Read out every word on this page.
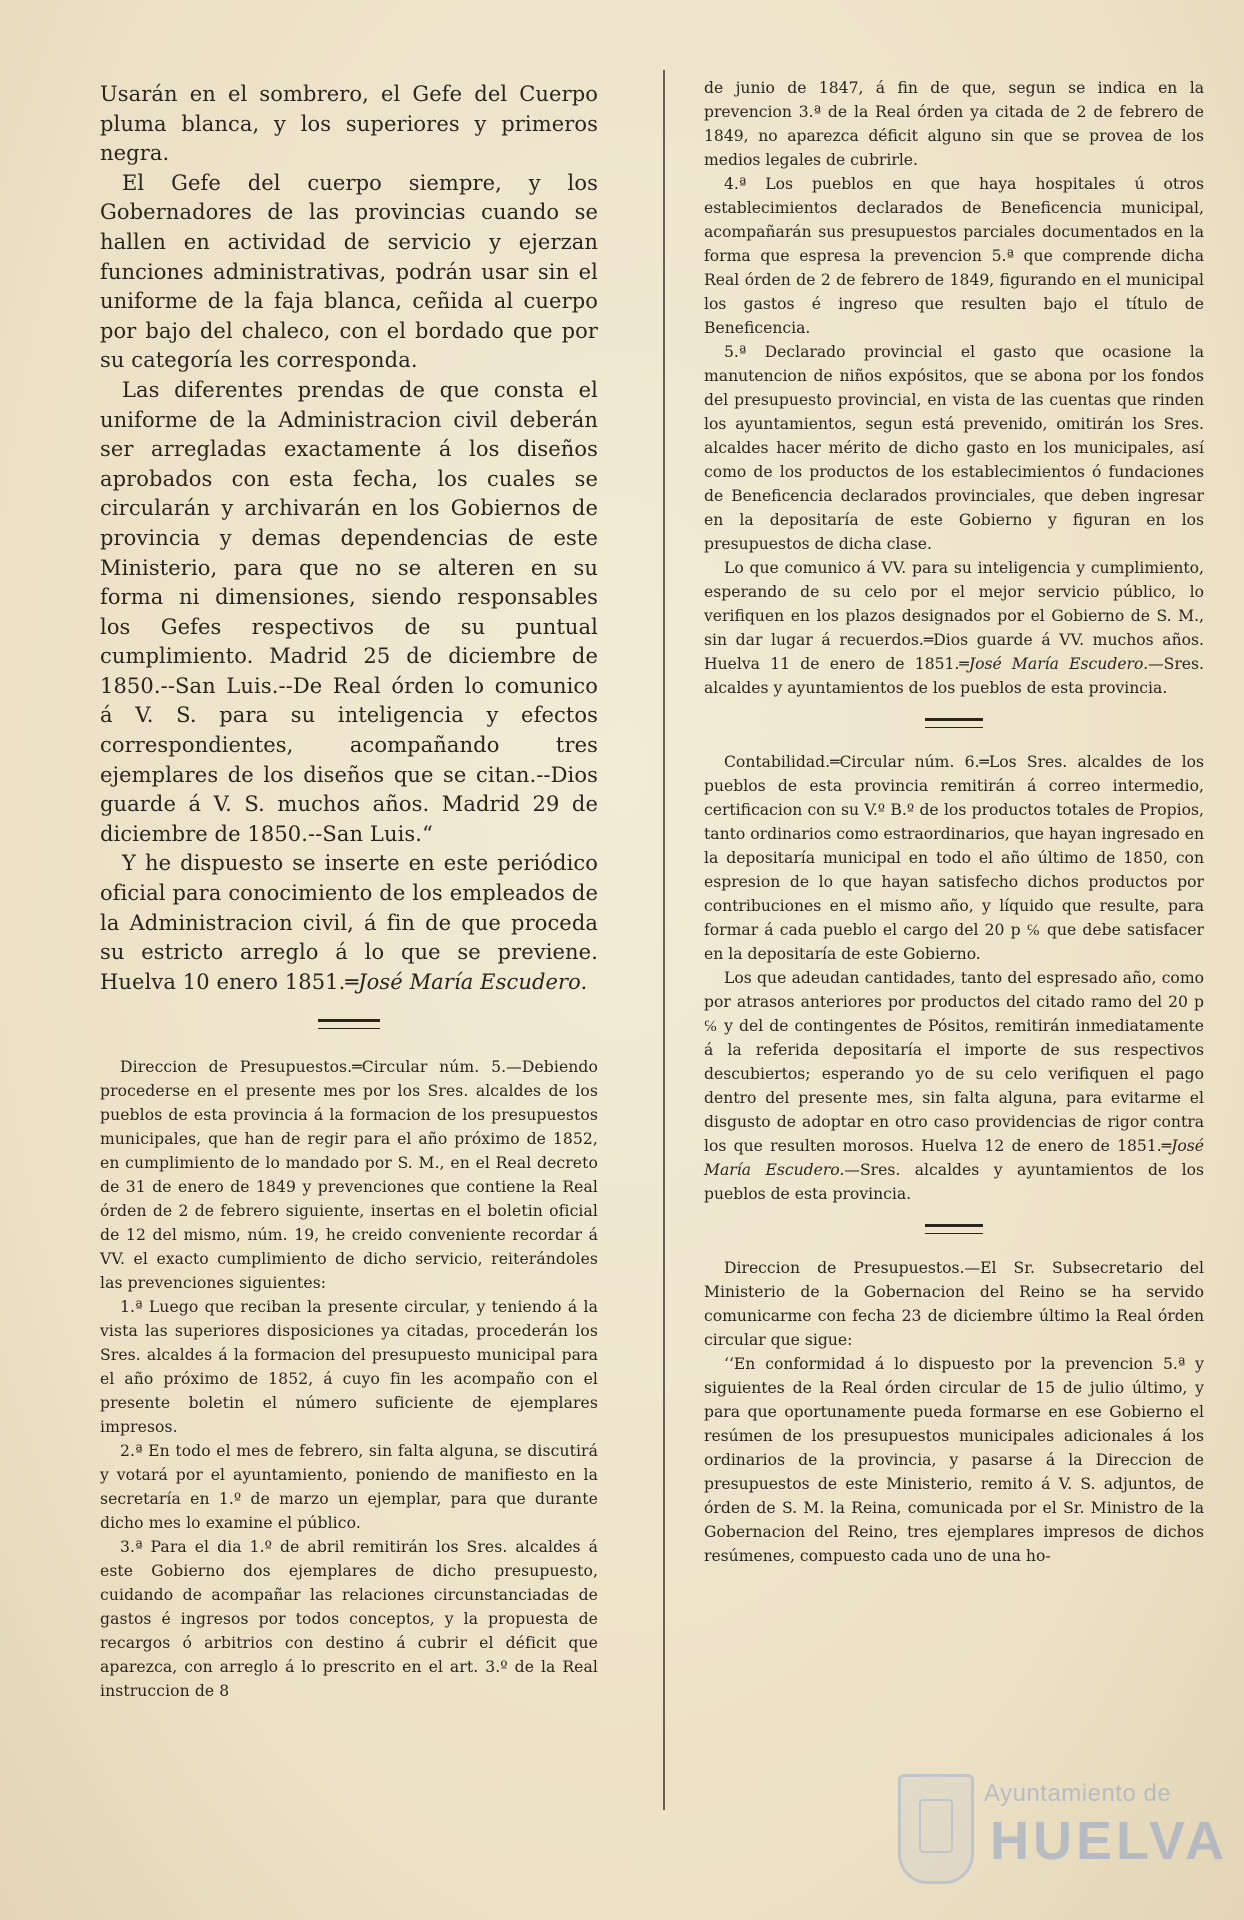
Usarán en el sombrero, el Gefe del Cuerpo pluma blanca, y los superiores y primeros negra.

El Gefe del cuerpo siempre, y los Gobernadores de las provincias cuando se hallen en actividad de servicio y ejerzan funciones administrativas, podrán usar sin el uniforme de la faja blanca, ceñida al cuerpo por bajo del chaleco, con el bordado que por su categoría les corresponda.

Las diferentes prendas de que consta el uniforme de la Administracion civil deberán ser arregladas exactamente á los diseños aprobados con esta fecha, los cuales se circularán y archivarán en los Gobiernos de provincia y demas dependencias de este Ministerio, para que no se alteren en su forma ni dimensiones, siendo responsables los Gefes respectivos de su puntual cumplimiento. Madrid 25 de diciembre de 1850.--San Luis.--De Real órden lo comunico á V. S. para su inteligencia y efectos correspondientes, acompañando tres ejemplares de los diseños que se citan.--Dios guarde á V. S. muchos años. Madrid 29 de diciembre de 1850.--San Luis.“

Y he dispuesto se inserte en este periódico oficial para conocimiento de los empleados de la Administracion civil, á fin de que proceda su estricto arreglo á lo que se previene. Huelva 10 enero 1851.═José María Escudero.

Direccion de Presupuestos.═Circular núm. 5.—Debiendo procederse en el presente mes por los Sres. alcaldes de los pueblos de esta provincia á la formacion de los presupuestos municipales, que han de regir para el año próximo de 1852, en cumplimiento de lo mandado por S. M., en el Real decreto de 31 de enero de 1849 y prevenciones que contiene la Real órden de 2 de febrero siguiente, insertas en el boletin oficial de 12 del mismo, núm. 19, he creido conveniente recordar á VV. el exacto cumplimiento de dicho servicio, reiterándoles las prevenciones siguientes:

1.ª Luego que reciban la presente circular, y teniendo á la vista las superiores disposiciones ya citadas, procederán los Sres. alcaldes á la formacion del presupuesto municipal para el año próximo de 1852, á cuyo fin les acompaño con el presente boletin el número suficiente de ejemplares impresos.

2.ª En todo el mes de febrero, sin falta alguna, se discutirá y votará por el ayuntamiento, poniendo de manifiesto en la secretaría en 1.º de marzo un ejemplar, para que durante dicho mes lo examine el público.

3.ª Para el dia 1.º de abril remitirán los Sres. alcaldes á este Gobierno dos ejemplares de dicho presupuesto, cuidando de acompañar las relaciones circunstanciadas de gastos é ingresos por todos conceptos, y la propuesta de recargos ó arbitrios con destino á cubrir el déficit que aparezca, con arreglo á lo prescrito en el art. 3.º de la Real instruccion de 8

de junio de 1847, á fin de que, segun se indica en la prevencion 3.ª de la Real órden ya citada de 2 de febrero de 1849, no aparezca déficit alguno sin que se provea de los medios legales de cubrirle.

4.ª Los pueblos en que haya hospitales ú otros establecimientos declarados de Beneficencia municipal, acompañarán sus presupuestos parciales documentados en la forma que espresa la prevencion 5.ª que comprende dicha Real órden de 2 de febrero de 1849, figurando en el municipal los gastos é ingreso que resulten bajo el título de Beneficencia.

5.ª Declarado provincial el gasto que ocasione la manutencion de niños expósitos, que se abona por los fondos del presupuesto provincial, en vista de las cuentas que rinden los ayuntamientos, segun está prevenido, omitirán los Sres. alcaldes hacer mérito de dicho gasto en los municipales, así como de los productos de los establecimientos ó fundaciones de Beneficencia declarados provinciales, que deben ingresar en la depositaría de este Gobierno y figuran en los presupuestos de dicha clase.

Lo que comunico á VV. para su inteligencia y cumplimiento, esperando de su celo por el mejor servicio público, lo verifiquen en los plazos designados por el Gobierno de S. M., sin dar lugar á recuerdos.═Dios guarde á VV. muchos años. Huelva 11 de enero de 1851.═José María Escudero.—Sres. alcaldes y ayuntamientos de los pueblos de esta provincia.

Contabilidad.═Circular núm. 6.═Los Sres. alcaldes de los pueblos de esta provincia remitirán á correo intermedio, certificacion con su V.º B.º de los productos totales de Propios, tanto ordinarios como estraordinarios, que hayan ingresado en la depositaría municipal en todo el año último de 1850, con espresion de lo que hayan satisfecho dichos productos por contribuciones en el mismo año, y líquido que resulte, para formar á cada pueblo el cargo del 20 p ℅ que debe satisfacer en la depositaría de este Gobierno.

Los que adeudan cantidades, tanto del espresado año, como por atrasos anteriores por productos del citado ramo del 20 p ℅ y del de contingentes de Pósitos, remitirán inmediatamente á la referida depositaría el importe de sus respectivos descubiertos; esperando yo de su celo verifiquen el pago dentro del presente mes, sin falta alguna, para evitarme el disgusto de adoptar en otro caso providencias de rigor contra los que resulten morosos. Huelva 12 de enero de 1851.═José María Escudero.—Sres. alcaldes y ayuntamientos de los pueblos de esta provincia.

Direccion de Presupuestos.—El Sr. Subsecretario del Ministerio de la Gobernacion del Reino se ha servido comunicarme con fecha 23 de diciembre último la Real órden circular que sigue:

‘‘En conformidad á lo dispuesto por la prevencion 5.ª y siguientes de la Real órden circular de 15 de julio último, y para que oportunamente pueda formarse en ese Gobierno el resúmen de los presupuestos municipales adicionales á los ordinarios de la provincia, y pasarse á la Direccion de presupuestos de este Ministerio, remito á V. S. adjuntos, de órden de S. M. la Reina, comunicada por el Sr. Ministro de la Gobernacion del Reino, tres ejemplares impresos de dichos resúmenes, compuesto cada uno de una ho-

Ayuntamiento de
HUELVA
